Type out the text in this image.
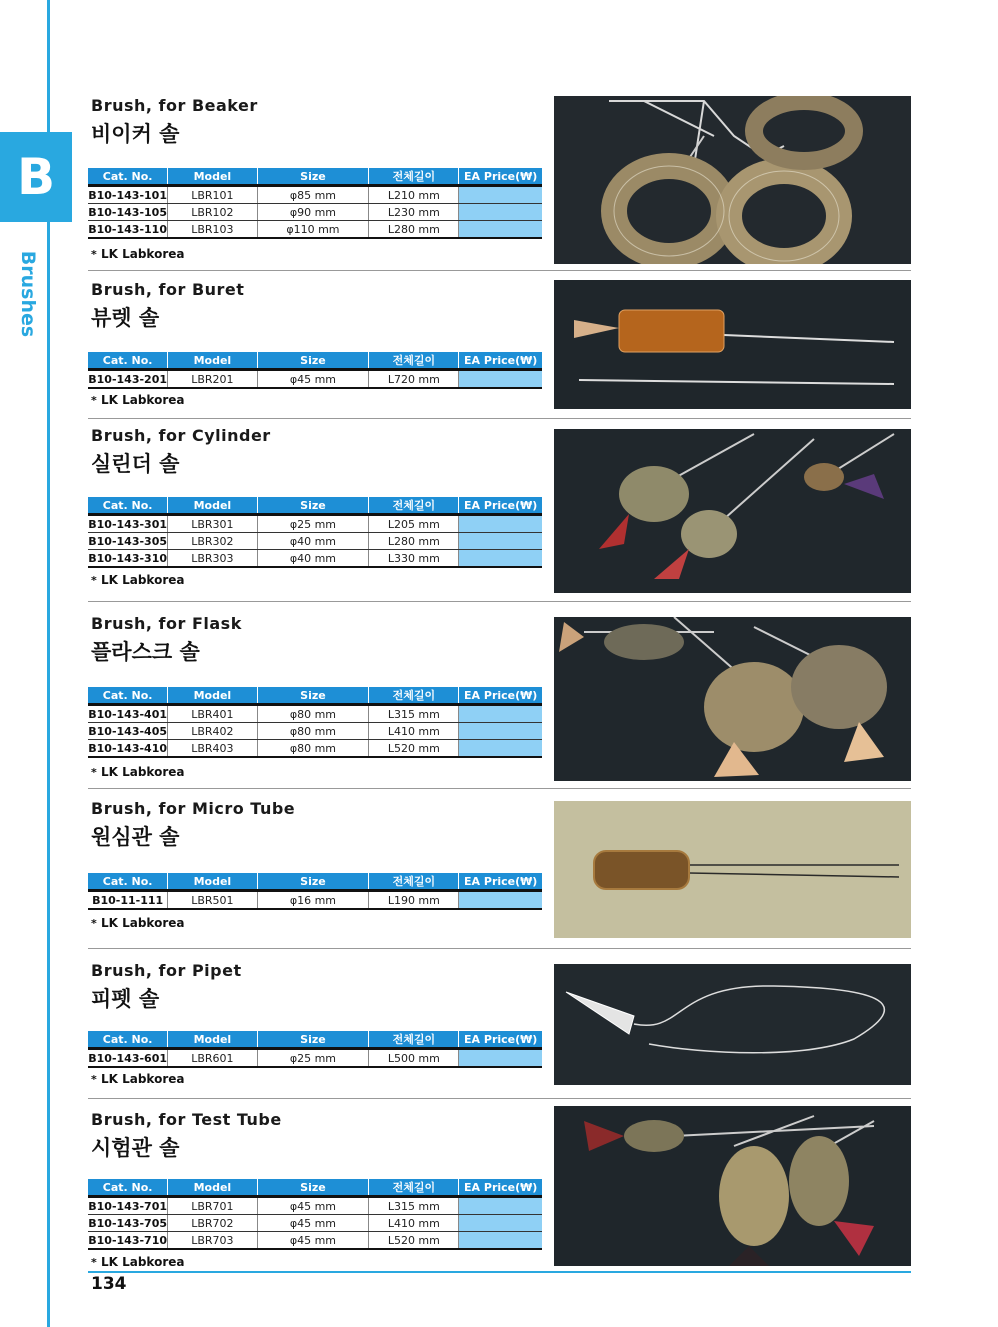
B
Brushes
Brush, for Beaker
비이커 솔
Cat. No.	Model	Size	전체길이	EA Price(₩)
B10-143-101	LBR101	φ85 mm	L210 mm	
B10-143-105	LBR102	φ90 mm	L230 mm	
B10-143-110	LBR103	φ110 mm	L280 mm	
* LK Labkorea
Brush, for Buret
뷰렛 솔
Cat. No.	Model	Size	전체길이	EA Price(₩)
B10-143-201	LBR201	φ45 mm	L720 mm	
* LK Labkorea
Brush, for Cylinder
실린더 솔
Cat. No.	Model	Size	전체길이	EA Price(₩)
B10-143-301	LBR301	φ25 mm	L205 mm	
B10-143-305	LBR302	φ40 mm	L280 mm	
B10-143-310	LBR303	φ40 mm	L330 mm	
* LK Labkorea
Brush, for Flask
플라스크 솔
Cat. No.	Model	Size	전체길이	EA Price(₩)
B10-143-401	LBR401	φ80 mm	L315 mm	
B10-143-405	LBR402	φ80 mm	L410 mm	
B10-143-410	LBR403	φ80 mm	L520 mm	
* LK Labkorea
Brush, for Micro Tube
원심관 솔
Cat. No.	Model	Size	전체길이	EA Price(₩)
B10-11-111	LBR501	φ16 mm	L190 mm	
* LK Labkorea
Brush, for Pipet
피펫 솔
Cat. No.	Model	Size	전체길이	EA Price(₩)
B10-143-601	LBR601	φ25 mm	L500 mm	
* LK Labkorea
Brush, for Test Tube
시험관 솔
Cat. No.	Model	Size	전체길이	EA Price(₩)
B10-143-701	LBR701	φ45 mm	L315 mm	
B10-143-705	LBR702	φ45 mm	L410 mm	
B10-143-710	LBR703	φ45 mm	L520 mm	
* LK Labkorea
134
